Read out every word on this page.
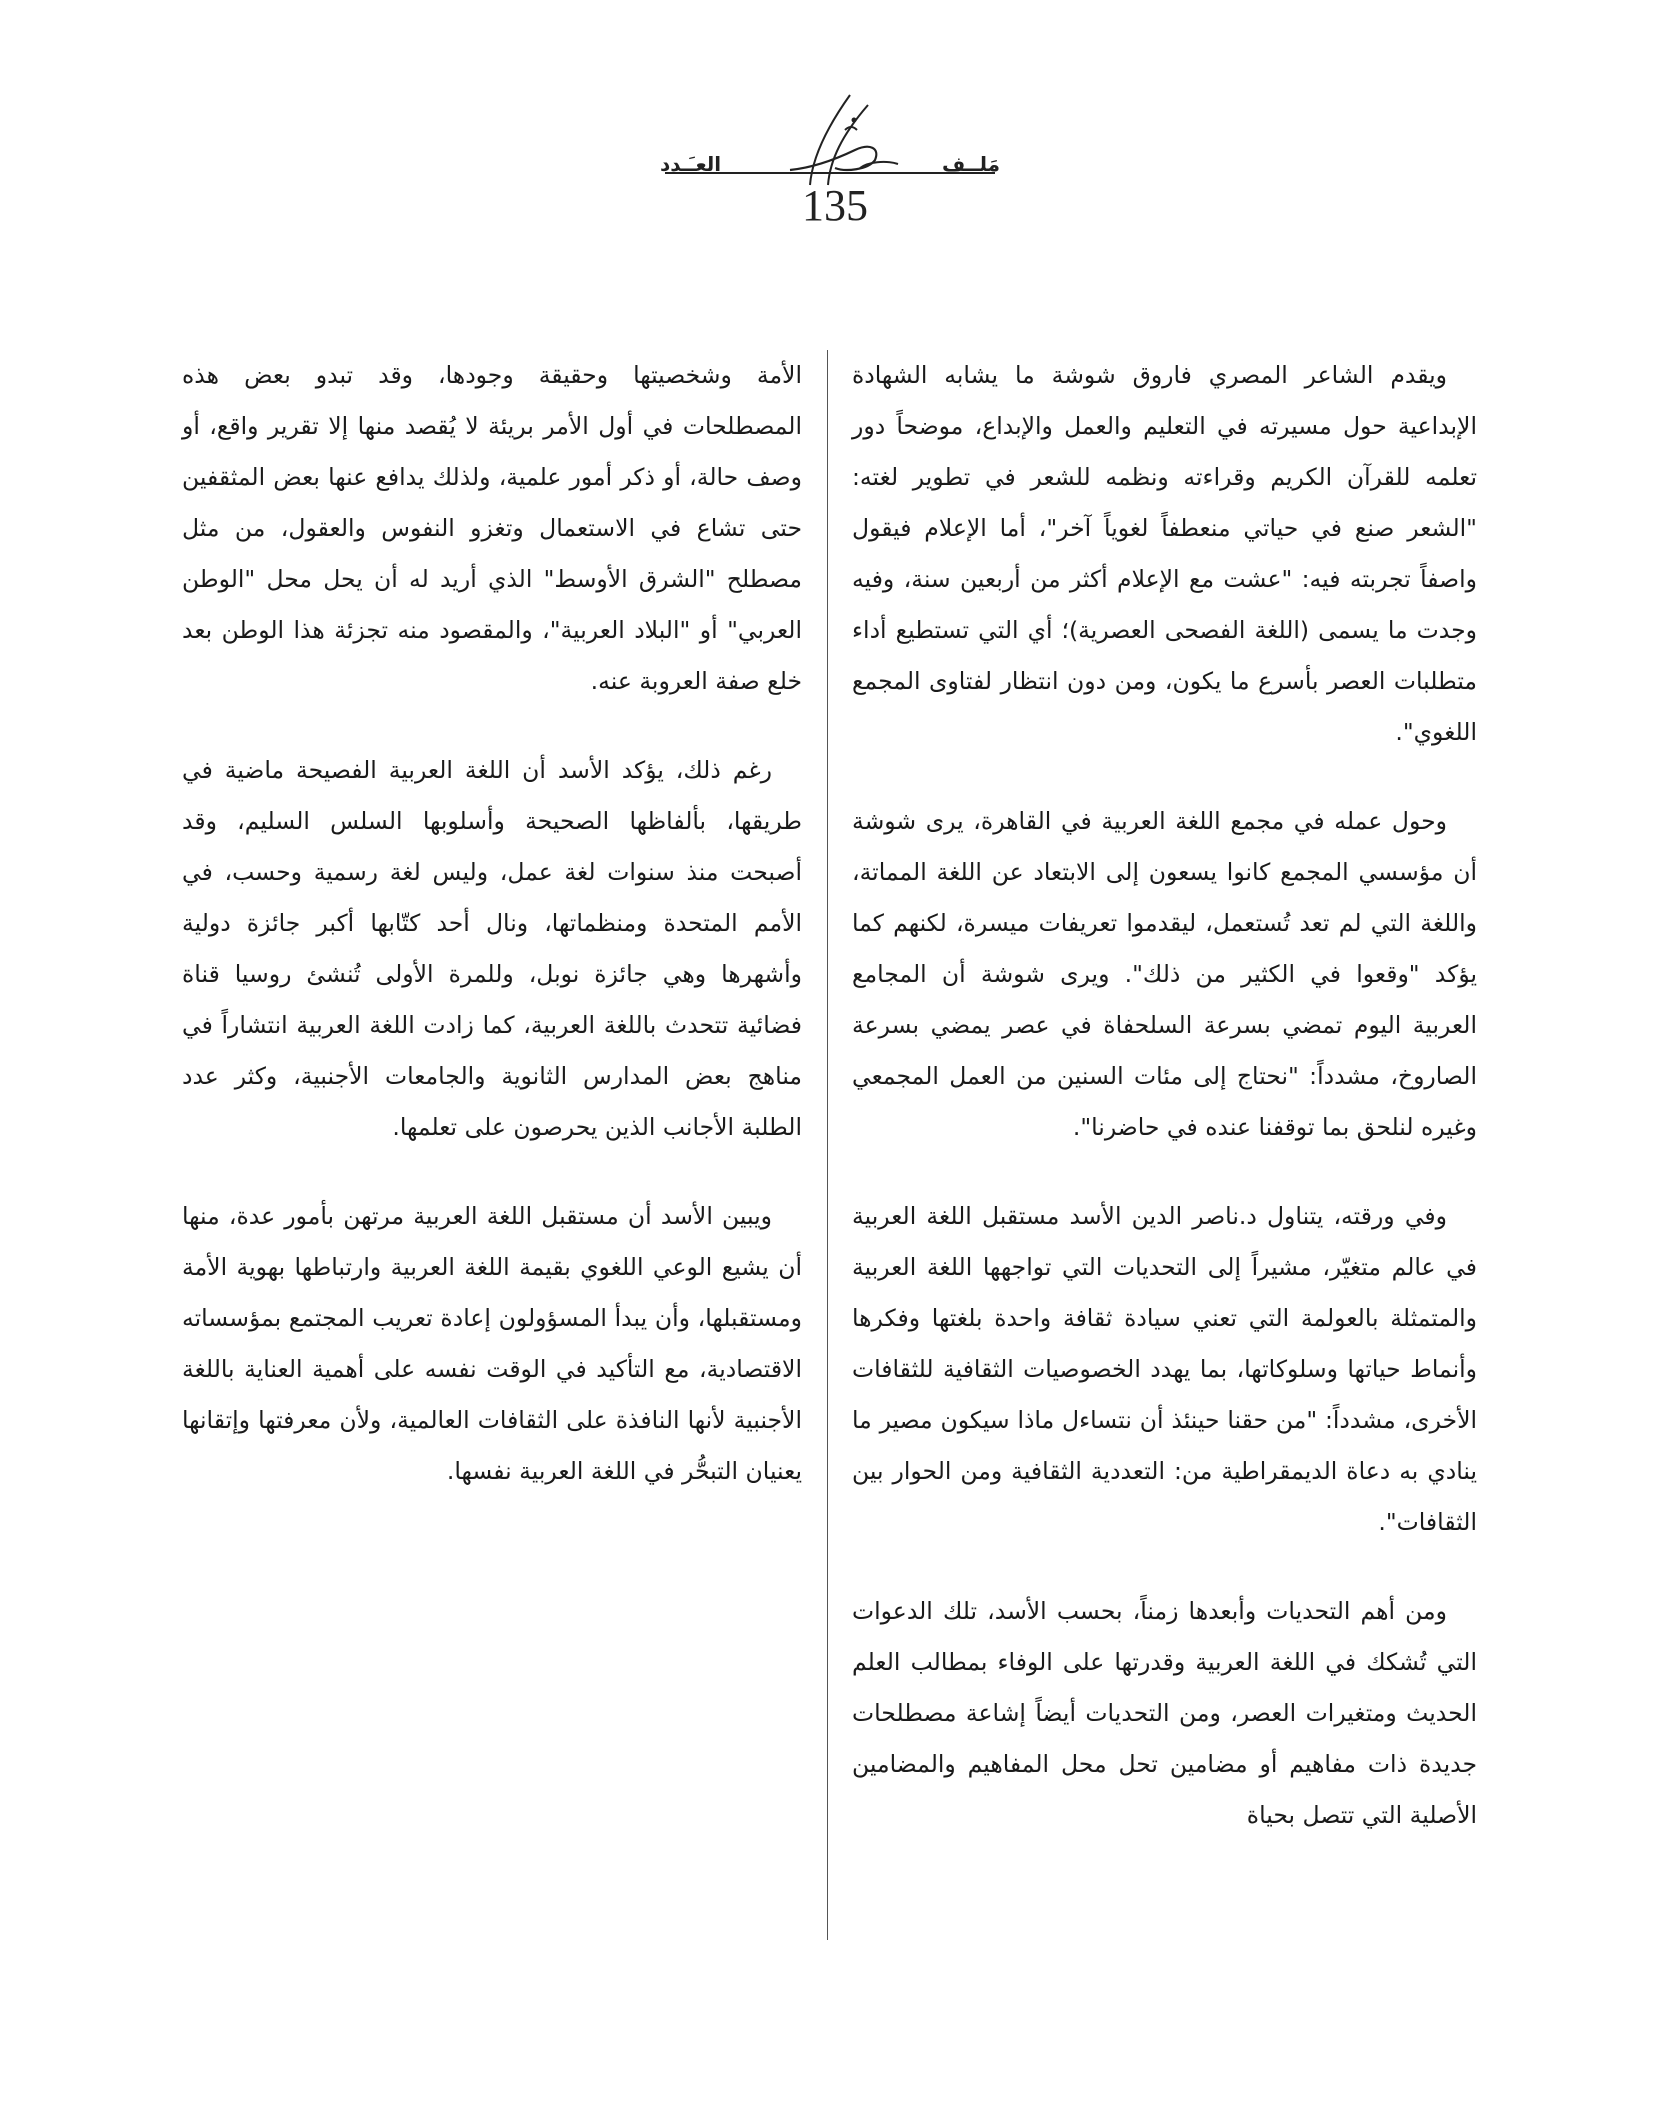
مَلــف
العـَـدد
135

ويقدم الشاعر المصري فاروق شوشة ما يشابه الشهادة الإبداعية حول مسيرته في التعليم والعمل والإبداع، موضحاً دور تعلمه للقرآن الكريم وقراءته ونظمه للشعر في تطوير لغته: "الشعر صنع في حياتي منعطفاً لغوياً آخر"، أما الإعلام فيقول واصفاً تجربته فيه: "عشت مع الإعلام أكثر من أربعين سنة، وفيه وجدت ما يسمى (اللغة الفصحى العصرية)؛ أي التي تستطيع أداء متطلبات العصر بأسرع ما يكون، ومن دون انتظار لفتاوى المجمع اللغوي".

وحول عمله في مجمع اللغة العربية في القاهرة، يرى شوشة أن مؤسسي المجمع كانوا يسعون إلى الابتعاد عن اللغة المماتة، واللغة التي لم تعد تُستعمل، ليقدموا تعريفات ميسرة، لكنهم كما يؤكد "وقعوا في الكثير من ذلك". ويرى شوشة أن المجامع العربية اليوم تمضي بسرعة السلحفاة في عصر يمضي بسرعة الصاروخ، مشدداً: "نحتاج إلى مئات السنين من العمل المجمعي وغيره لنلحق بما توقفنا عنده في حاضرنا".

وفي ورقته، يتناول د.ناصر الدين الأسد مستقبل اللغة العربية في عالم متغيّر، مشيراً إلى التحديات التي تواجهها اللغة العربية والمتمثلة بالعولمة التي تعني سيادة ثقافة واحدة بلغتها وفكرها وأنماط حياتها وسلوكاتها، بما يهدد الخصوصيات الثقافية للثقافات الأخرى، مشدداً: "من حقنا حينئذ أن نتساءل ماذا سيكون مصير ما ينادي به دعاة الديمقراطية من: التعددية الثقافية ومن الحوار بين الثقافات".

ومن أهم التحديات وأبعدها زمناً، بحسب الأسد، تلك الدعوات التي تُشكك في اللغة العربية وقدرتها على الوفاء بمطالب العلم الحديث ومتغيرات العصر، ومن التحديات أيضاً إشاعة مصطلحات جديدة ذات مفاهيم أو مضامين تحل محل المفاهيم والمضامين الأصلية التي تتصل بحياة

الأمة وشخصيتها وحقيقة وجودها، وقد تبدو بعض هذه المصطلحات في أول الأمر بريئة لا يُقصد منها إلا تقرير واقع، أو وصف حالة، أو ذكر أمور علمية، ولذلك يدافع عنها بعض المثقفين حتى تشاع في الاستعمال وتغزو النفوس والعقول، من مثل مصطلح "الشرق الأوسط" الذي أريد له أن يحل محل "الوطن العربي" أو "البلاد العربية"، والمقصود منه تجزئة هذا الوطن بعد خلع صفة العروبة عنه.

رغم ذلك، يؤكد الأسد أن اللغة العربية الفصيحة ماضية في طريقها، بألفاظها الصحيحة وأسلوبها السلس السليم، وقد أصبحت منذ سنوات لغة عمل، وليس لغة رسمية وحسب، في الأمم المتحدة ومنظماتها، ونال أحد كتّابها أكبر جائزة دولية وأشهرها وهي جائزة نوبل، وللمرة الأولى تُنشئ روسيا قناة فضائية تتحدث باللغة العربية، كما زادت اللغة العربية انتشاراً في مناهج بعض المدارس الثانوية والجامعات الأجنبية، وكثر عدد الطلبة الأجانب الذين يحرصون على تعلمها.

ويبين الأسد أن مستقبل اللغة العربية مرتهن بأمور عدة، منها أن يشيع الوعي اللغوي بقيمة اللغة العربية وارتباطها بهوية الأمة ومستقبلها، وأن يبدأ المسؤولون إعادة تعريب المجتمع بمؤسساته الاقتصادية، مع التأكيد في الوقت نفسه على أهمية العناية باللغة الأجنبية لأنها النافذة على الثقافات العالمية، ولأن معرفتها وإتقانها يعنيان التبحُّر في اللغة العربية نفسها.
